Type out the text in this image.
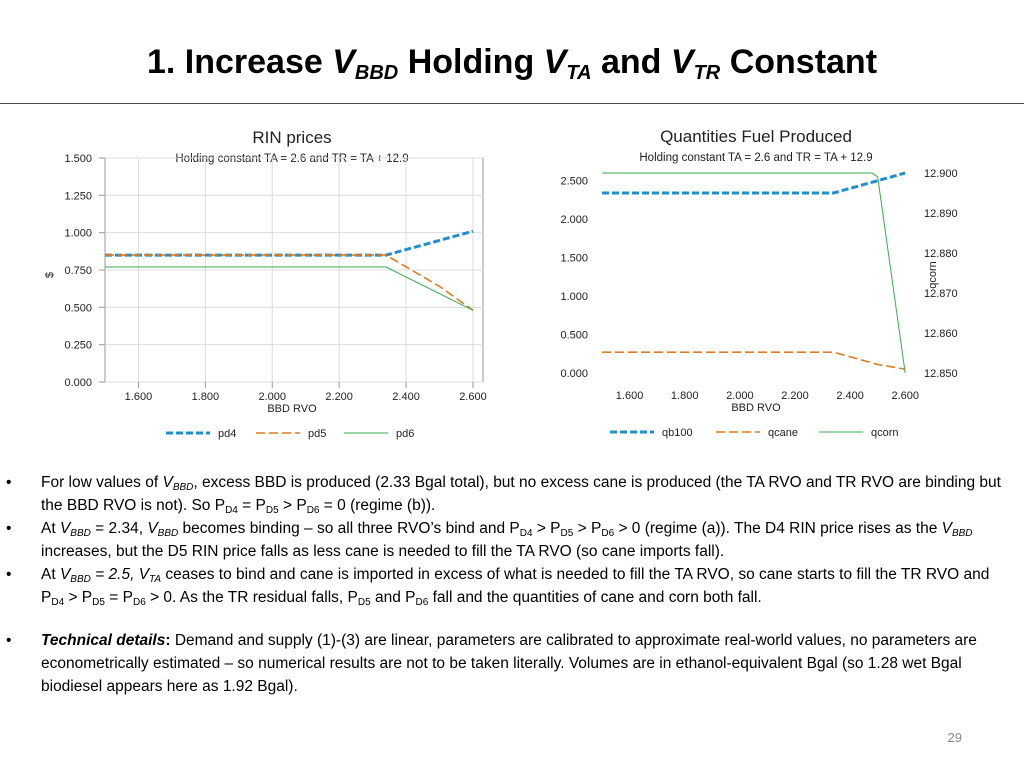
1. Increase $V_{BBD}$ Holding $V_{TA}$ and $V_{TR}$ Constant
RIN prices
Holding constant TA = 2.6 and TR = TA + 12.9
0.000
0.250
0.500
0.750
1.000
1.250
1.500
1.600	1.800	2.000	2.200	2.400	2.600
$
BBD RVO
pd4	pd5	pd6
Quantities Fuel Produced
Holding constant TA = 2.6 and TR = TA + 12.9
0.000
0.500
1.000
1.500
2.000
2.500
12.850
12.860
12.870
12.880
12.890
12.900
1.600	1.800	2.000	2.200	2.400	2.600
qcorn
BBD RVO
qb100	qcane	qcorn
• For low values of $V_{BBD}$, excess BBD is produced (2.33 Bgal total), but no excess cane is produced (the TA RVO and TR RVO are binding but the BBD RVO is not). So $P_{D4} = P_{D5} > P_{D6} = 0$ (regime (b)).
• At $V_{BBD} = 2.34$, $V_{BBD}$ becomes binding – so all three RVO’s bind and $P_{D4} > P_{D5} > P_{D6} > 0$ (regime (a)). The D4 RIN price rises as the $V_{BBD}$ increases, but the D5 RIN price falls as less cane is needed to fill the TA RVO (so cane imports fall).
• At $V_{BBD} = 2.5$, $V_{TA}$ ceases to bind and cane is imported in excess of what is needed to fill the TA RVO, so cane starts to fill the TR RVO and $P_{D4} > P_{D5} = P_{D6} > 0$. As the TR residual falls, $P_{D5}$ and $P_{D6}$ fall and the quantities of cane and corn both fall.
• Technical details: Demand and supply (1)-(3) are linear, parameters are calibrated to approximate real-world values, no parameters are econometrically estimated – so numerical results are not to be taken literally. Volumes are in ethanol-equivalent Bgal (so 1.28 wet Bgal biodiesel appears here as 1.92 Bgal).
29
